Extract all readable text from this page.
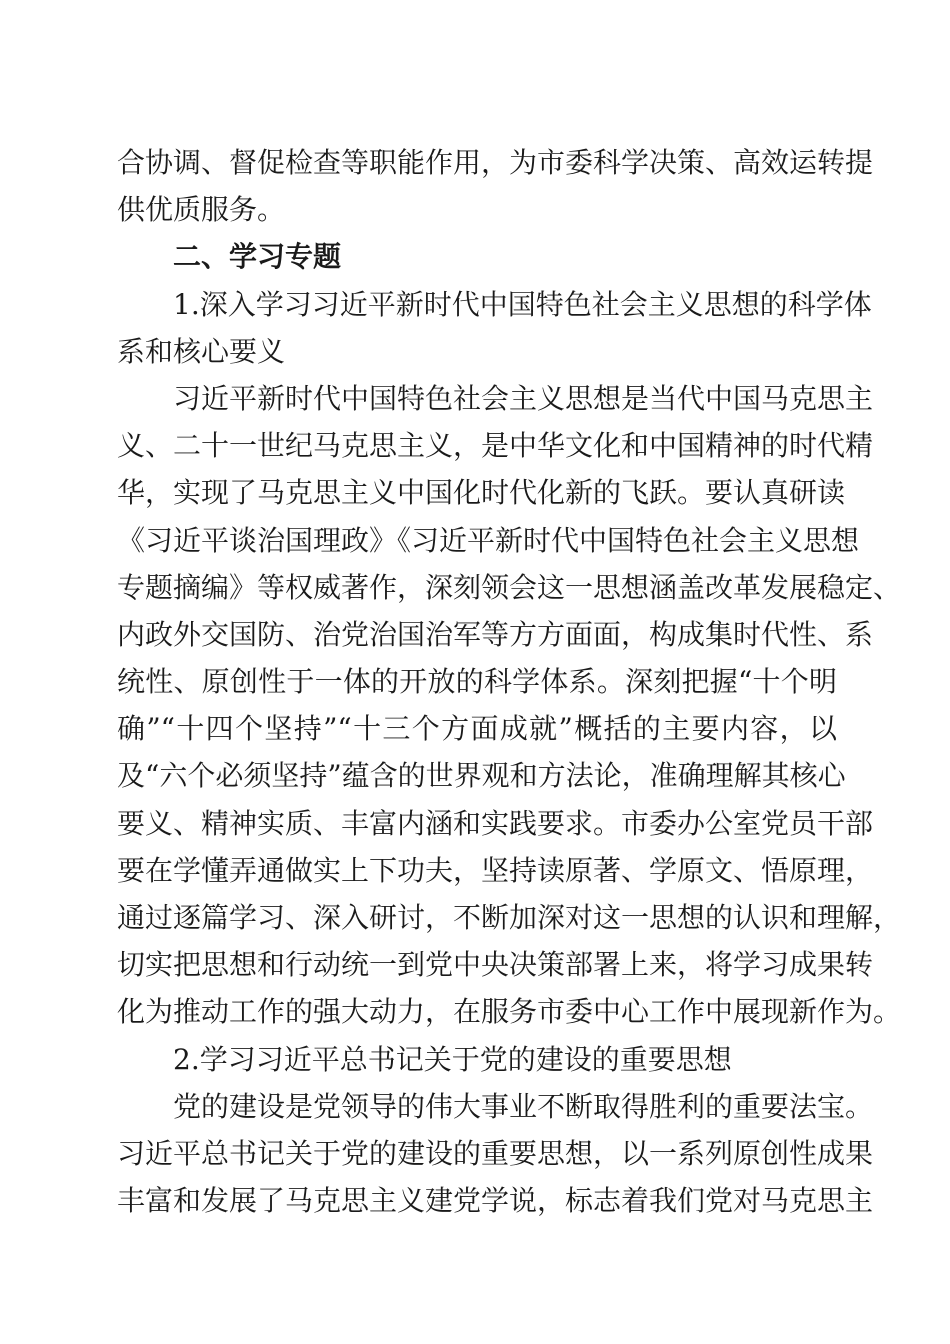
合协调、督促检查等职能作用，为市委科学决策、高效运转提
供优质服务。
二、学习专题
1.深入学习习近平新时代中国特色社会主义思想的科学体
系和核心要义
习近平新时代中国特色社会主义思想是当代中国马克思主
义、二十一世纪马克思主义，是中华文化和中国精神的时代精
华，实现了马克思主义中国化时代化新的飞跃。要认真研读
《习近平谈治国理政》《习近平新时代中国特色社会主义思想
专题摘编》等权威著作，深刻领会这一思想涵盖改革发展稳定、
内政外交国防、治党治国治军等方方面面，构成集时代性、系
统性、原创性于一体的开放的科学体系。深刻把握“十个明
确”“十四个坚持”“十三个方面成就”概括的主要内容，以
及“六个必须坚持”蕴含的世界观和方法论，准确理解其核心
要义、精神实质、丰富内涵和实践要求。市委办公室党员干部
要在学懂弄通做实上下功夫，坚持读原著、学原文、悟原理，
通过逐篇学习、深入研讨，不断加深对这一思想的认识和理解，
切实把思想和行动统一到党中央决策部署上来，将学习成果转
化为推动工作的强大动力，在服务市委中心工作中展现新作为。
2.学习习近平总书记关于党的建设的重要思想
党的建设是党领导的伟大事业不断取得胜利的重要法宝。
习近平总书记关于党的建设的重要思想，以一系列原创性成果
丰富和发展了马克思主义建党学说，标志着我们党对马克思主
